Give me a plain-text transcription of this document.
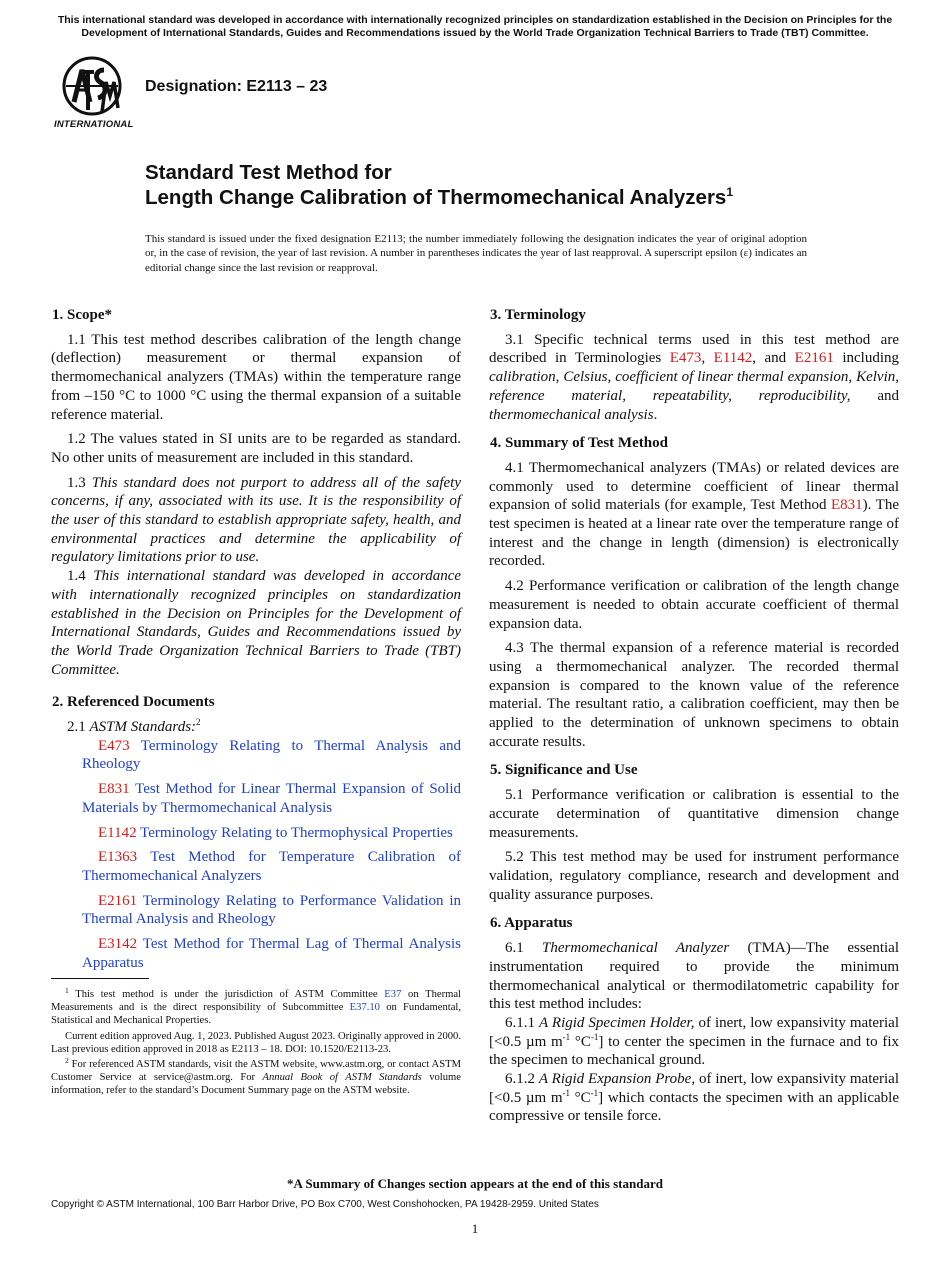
This international standard was developed in accordance with internationally recognized principles on standardization established in the Decision on Principles for the Development of International Standards, Guides and Recommendations issued by the World Trade Organization Technical Barriers to Trade (TBT) Committee.
INTERNATIONAL
Designation: E2113 – 23
Standard Test Method for
Length Change Calibration of Thermomechanical Analyzers$^1$
This standard is issued under the fixed designation E2113; the number immediately following the designation indicates the year of original adoption or, in the case of revision, the year of last revision. A number in parentheses indicates the year of last reapproval. A superscript epsilon (ε) indicates an editorial change since the last revision or reapproval.
1. Scope*

1.1 This test method describes calibration of the length change (deflection) measurement or thermal expansion of thermomechanical analyzers (TMAs) within the temperature range from –150 °C to 1000 °C using the thermal expansion of a suitable reference material.

1.2 The values stated in SI units are to be regarded as standard. No other units of measurement are included in this standard.

1.3 This standard does not purport to address all of the safety concerns, if any, associated with its use. It is the responsibility of the user of this standard to establish appropriate safety, health, and environmental practices and determine the applicability of regulatory limitations prior to use.

1.4 This international standard was developed in accordance with internationally recognized principles on standardization established in the Decision on Principles for the Development of International Standards, Guides and Recommendations issued by the World Trade Organization Technical Barriers to Trade (TBT) Committee.

2. Referenced Documents

2.1 ASTM Standards:$^2$

E473 Terminology Relating to Thermal Analysis and Rheology

E831 Test Method for Linear Thermal Expansion of Solid Materials by Thermomechanical Analysis

E1142 Terminology Relating to Thermophysical Properties

E1363 Test Method for Temperature Calibration of Thermomechanical Analyzers

E2161 Terminology Relating to Performance Validation in Thermal Analysis and Rheology

E3142 Test Method for Thermal Lag of Thermal Analysis Apparatus

3. Terminology

3.1 Specific technical terms used in this test method are described in Terminologies E473, E1142, and E2161 including calibration, Celsius, coefficient of linear thermal expansion, Kelvin, reference material, repeatability, reproducibility, and thermomechanical analysis.

4. Summary of Test Method

4.1 Thermomechanical analyzers (TMAs) or related devices are commonly used to determine coefficient of linear thermal expansion of solid materials (for example, Test Method E831). The test specimen is heated at a linear rate over the temperature range of interest and the change in length (dimension) is electronically recorded.

4.2 Performance verification or calibration of the length change measurement is needed to obtain accurate coefficient of thermal expansion data.

4.3 The thermal expansion of a reference material is recorded using a thermomechanical analyzer. The recorded thermal expansion is compared to the known value of the reference material. The resultant ratio, a calibration coefficient, may then be applied to the determination of unknown specimens to obtain accurate results.

5. Significance and Use

5.1 Performance verification or calibration is essential to the accurate determination of quantitative dimension change measurements.

5.2 This test method may be used for instrument performance validation, regulatory compliance, research and development and quality assurance purposes.

6. Apparatus

6.1 Thermomechanical Analyzer (TMA)—The essential instrumentation required to provide the minimum thermomechanical analytical or thermodilatometric capability for this test method includes:

6.1.1 A Rigid Specimen Holder, of inert, low expansivity material [<0.5 µm $m^{-1}$ $^\circ C^{-1}$] to center the specimen in the furnace and to fix the specimen to mechanical ground.

6.1.2 A Rigid Expansion Probe, of inert, low expansivity material [<0.5 µm $m^{-1}$ $^\circ C^{-1}$] which contacts the specimen with an applicable compressive or tensile force.

$^1$ This test method is under the jurisdiction of ASTM Committee E37 on Thermal Measurements and is the direct responsibility of Subcommittee E37.10 on Fundamental, Statistical and Mechanical Properties.

Current edition approved Aug. 1, 2023. Published August 2023. Originally approved in 2000. Last previous edition approved in 2018 as E2113 – 18. DOI: 10.1520/E2113-23.

$^2$ For referenced ASTM standards, visit the ASTM website, www.astm.org, or contact ASTM Customer Service at service@astm.org. For Annual Book of ASTM Standards volume information, refer to the standard’s Document Summary page on the ASTM website.

*A Summary of Changes section appears at the end of this standard
Copyright © ASTM International, 100 Barr Harbor Drive, PO Box C700, West Conshohocken, PA 19428-2959. United States
1
